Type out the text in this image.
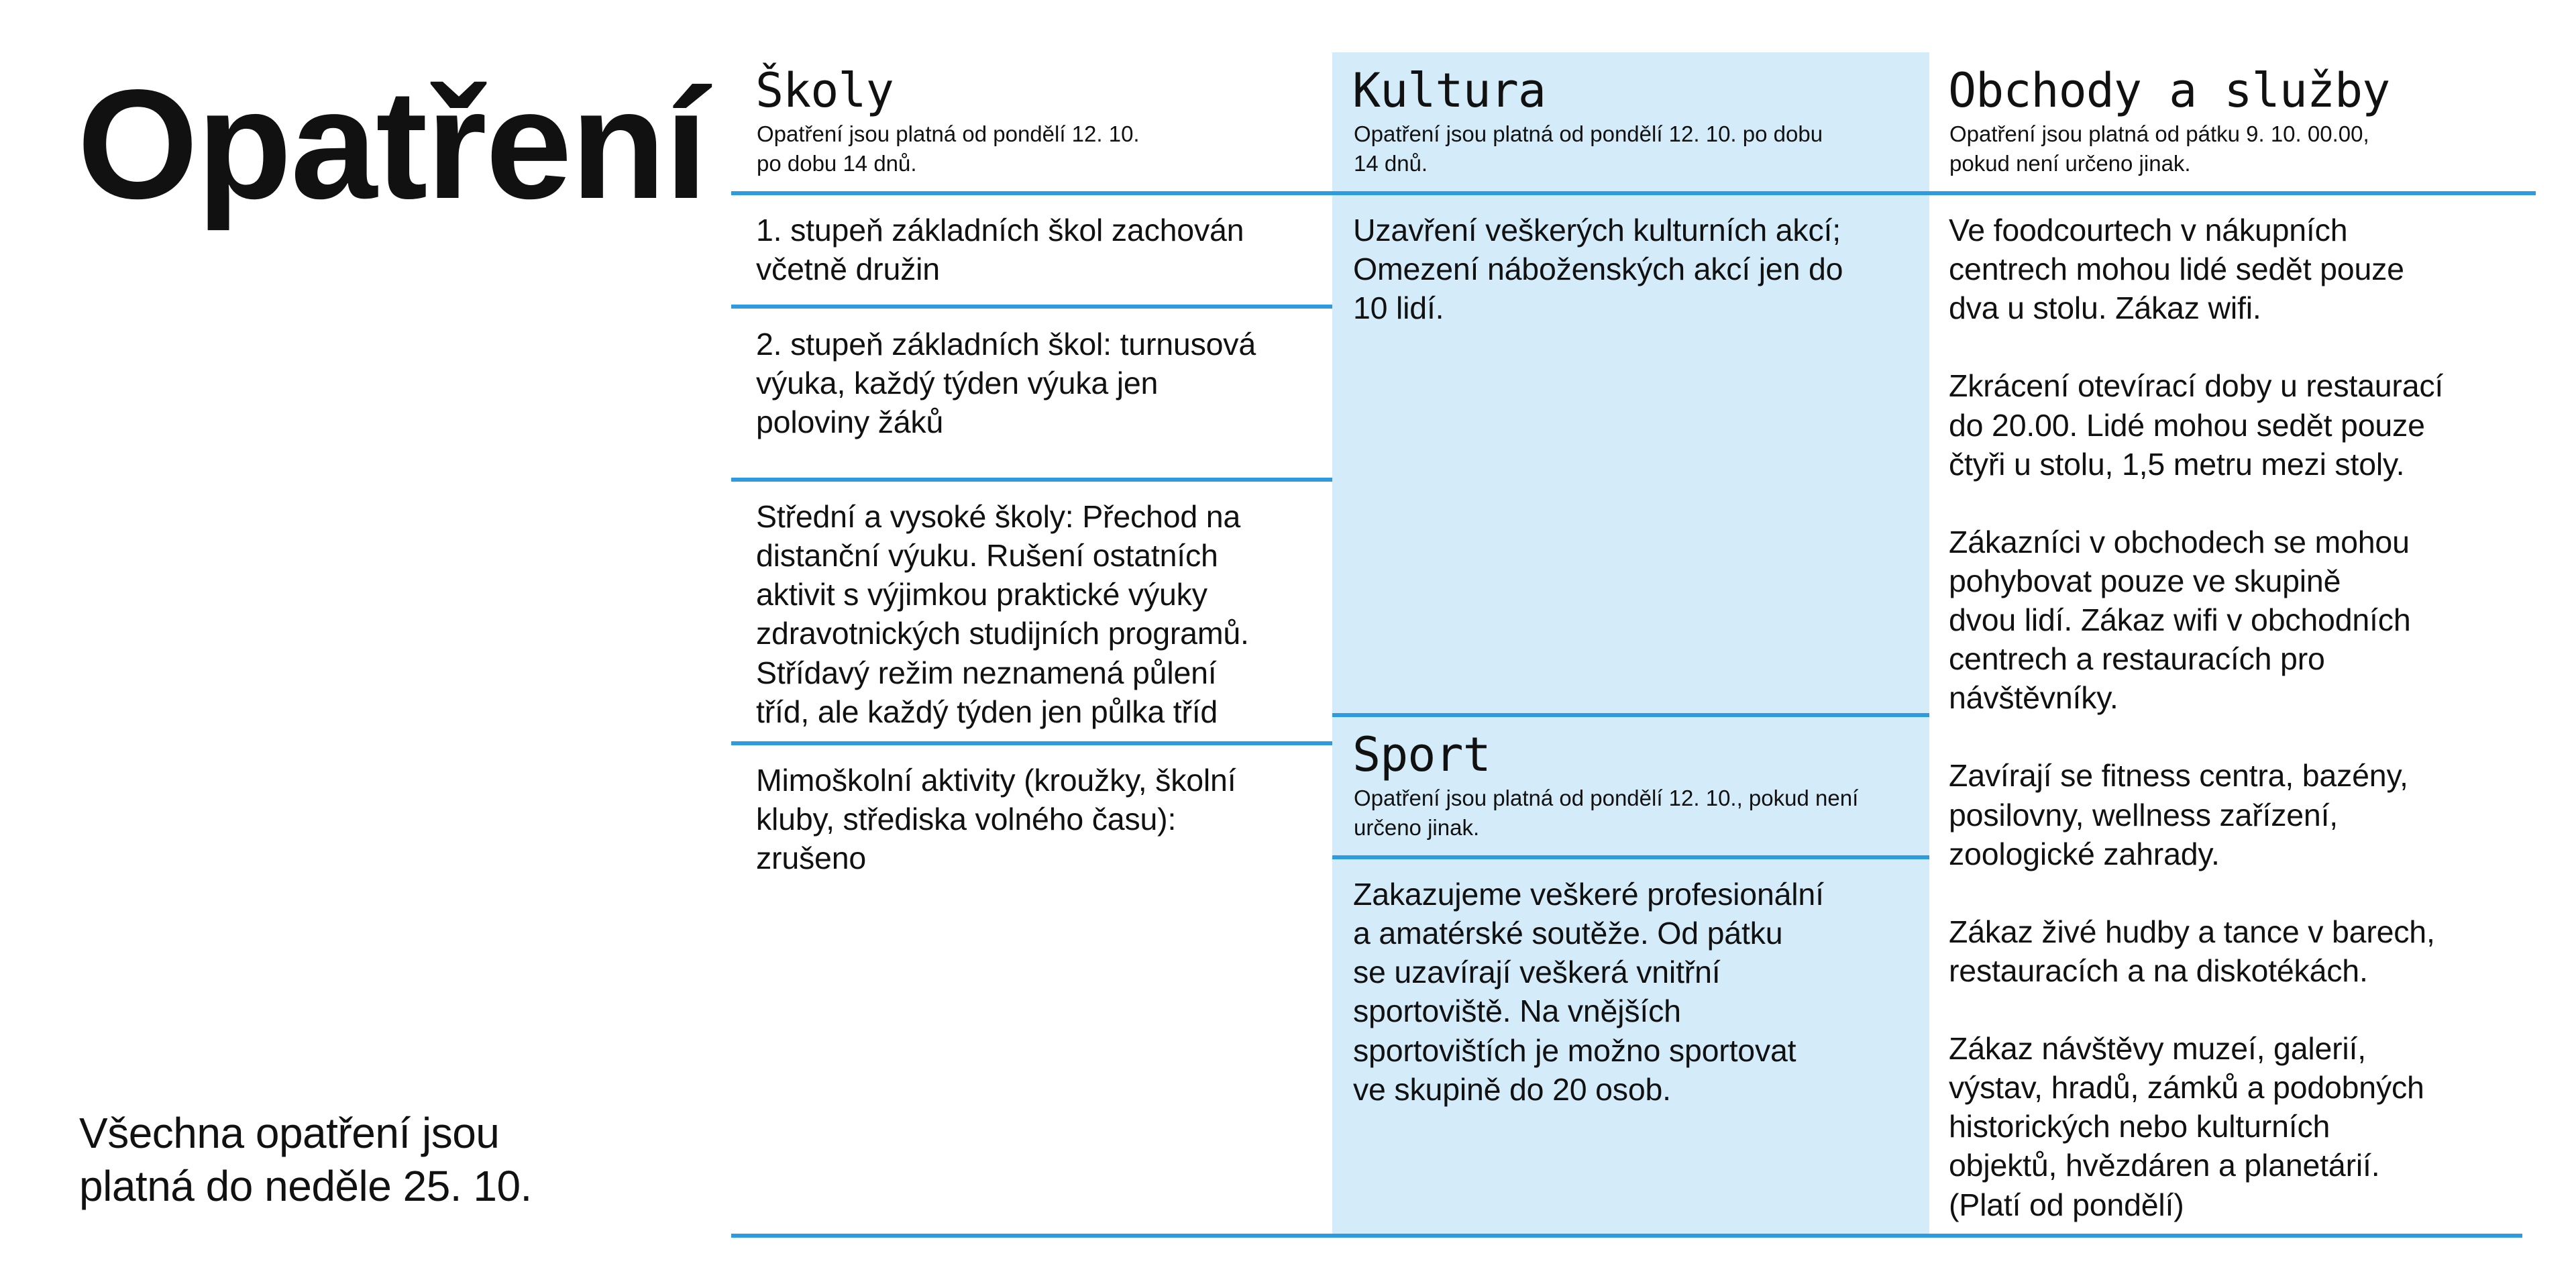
Opatření
Všechna opatření jsou
platná do neděle 25. 10.
Školy
Opatření jsou platná od pondělí 12. 10.
po dobu 14 dnů.
1. stupeň základních škol zachován
včetně družin
2. stupeň základních škol: turnusová
výuka, každý týden výuka jen
poloviny žáků
Střední a vysoké školy: Přechod na
distanční výuku. Rušení ostatních
aktivit s výjimkou praktické výuky
zdravotnických studijních programů.
Střídavý režim neznamená půlení
tříd, ale každý týden jen půlka tříd
Mimoškolní aktivity (kroužky, školní
kluby, střediska volného času):
zrušeno
Kultura
Opatření jsou platná od pondělí 12. 10. po dobu
14 dnů.
Uzavření veškerých kulturních akcí;
Omezení náboženských akcí jen do
10 lidí.
Sport
Opatření jsou platná od pondělí 12. 10., pokud není
určeno jinak.
Zakazujeme veškeré profesionální
a amatérské soutěže. Od pátku
se uzavírají veškerá vnitřní
sportoviště. Na vnějších
sportovištích je možno sportovat
ve skupině do 20 osob.
Obchody a služby
Opatření jsou platná od pátku 9. 10. 00.00,
pokud není určeno jinak.
Ve foodcourtech v nákupních
centrech mohou lidé sedět pouze
dva u stolu. Zákaz wifi.
Zkrácení otevírací doby u restaurací
do 20.00. Lidé mohou sedět pouze
čtyři u stolu, 1,5 metru mezi stoly.
Zákazníci v obchodech se mohou
pohybovat pouze ve skupině
dvou lidí. Zákaz wifi v obchodních
centrech a restauracích pro
návštěvníky.
Zavírají se fitness centra, bazény,
posilovny, wellness zařízení,
zoologické zahrady.
Zákaz živé hudby a tance v barech,
restauracích a na diskotékách.
Zákaz návštěvy muzeí, galerií,
výstav, hradů, zámků a podobných
historických nebo kulturních
objektů, hvězdáren a planetárií.
(Platí od pondělí)
